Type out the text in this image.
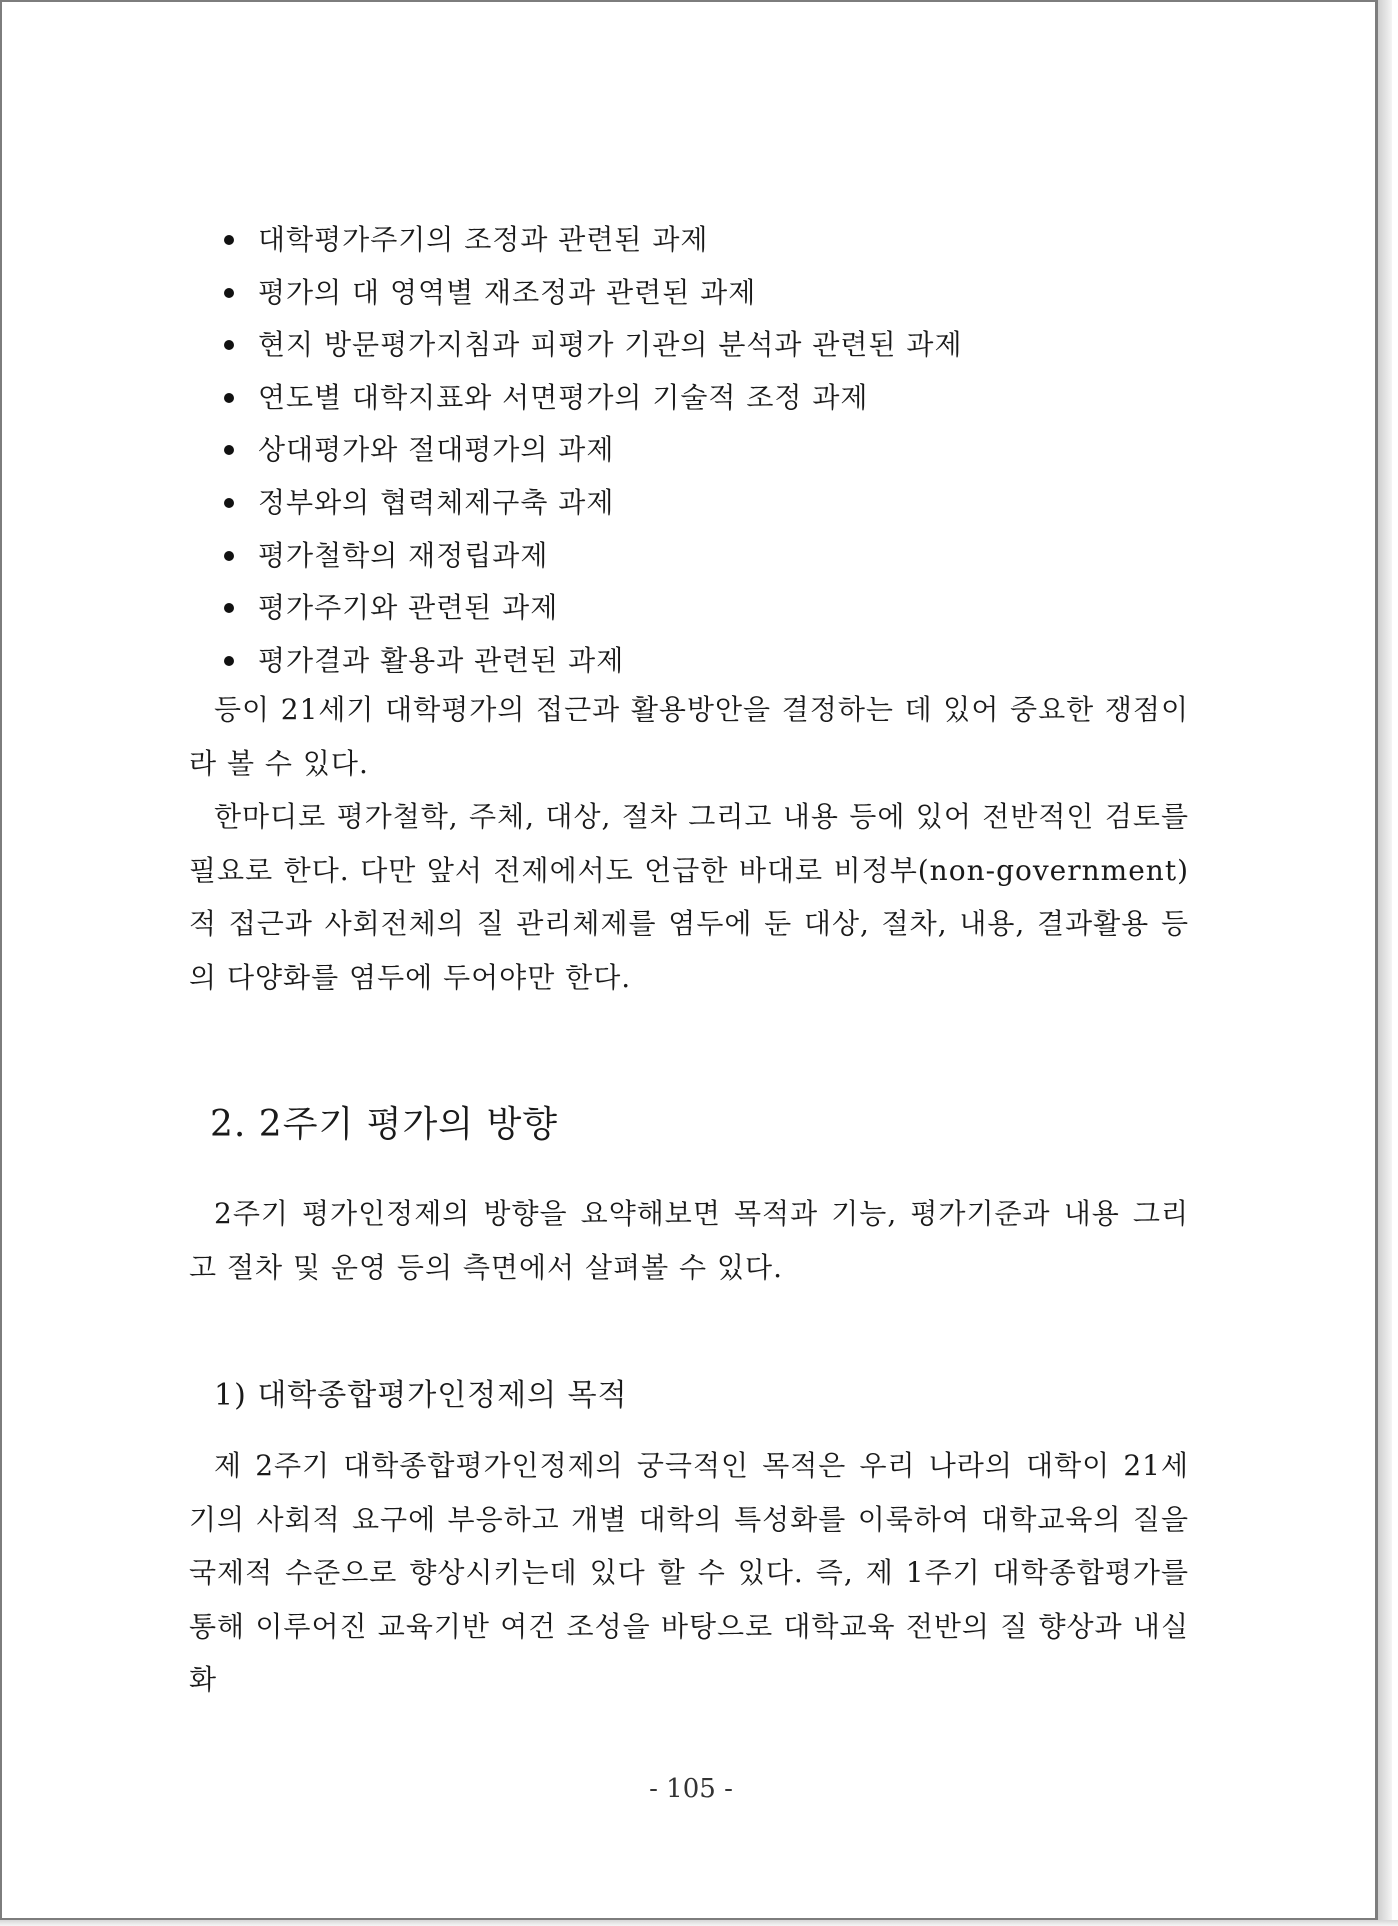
대학평가주기의 조정과 관련된 과제
평가의 대 영역별 재조정과 관련된 과제
현지 방문평가지침과 피평가 기관의 분석과 관련된 과제
연도별 대학지표와 서면평가의 기술적 조정 과제
상대평가와 절대평가의 과제
정부와의 협력체제구축 과제
평가철학의 재정립과제
평가주기와 관련된 과제
평가결과 활용과 관련된 과제

등이 21세기 대학평가의 접근과 활용방안을 결정하는 데 있어 중요한 쟁점이라 볼 수 있다.

한마디로 평가철학, 주체, 대상, 절차 그리고 내용 등에 있어 전반적인 검토를 필요로 한다. 다만 앞서 전제에서도 언급한 바대로 비정부(non-government)적 접근과 사회전체의 질 관리체제를 염두에 둔 대상, 절차, 내용, 결과활용 등의 다양화를 염두에 두어야만 한다.

2. 2주기 평가의 방향

2주기 평가인정제의 방향을 요약해보면 목적과 기능, 평가기준과 내용 그리고 절차 및 운영 등의 측면에서 살펴볼 수 있다.

1) 대학종합평가인정제의 목적

제 2주기 대학종합평가인정제의 궁극적인 목적은 우리 나라의 대학이 21세기의 사회적 요구에 부응하고 개별 대학의 특성화를 이룩하여 대학교육의 질을 국제적 수준으로 향상시키는데 있다 할 수 있다. 즉, 제 1주기 대학종합평가를 통해 이루어진 교육기반 여건 조성을 바탕으로 대학교육 전반의 질 향상과 내실화

- 105 -
